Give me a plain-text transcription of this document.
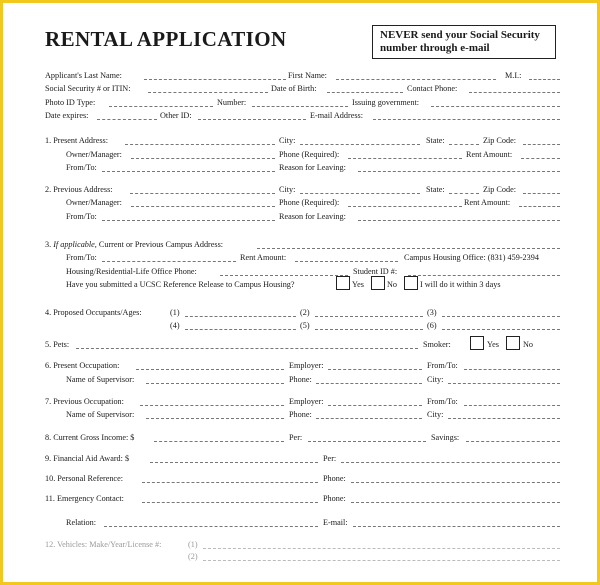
RENTAL APPLICATION	NEVER send your Social Security number through e-mail
Applicant's Last Name:	First Name:	M.I.:
Social Security # or ITIN:	Date of Birth:	Contact Phone:
Photo ID Type:	Number:	Issuing government:
Date expires:	Other ID:	E-mail Address:
1. Present Address:	City:	State:	Zip Code:
Owner/Manager:	Phone (Required):	Rent Amount:
From/To:	Reason for Leaving:
2. Previous Address:	City:	State:	Zip Code:
Owner/Manager:	Phone (Required):	Rent Amount:
From/To:	Reason for Leaving:
3. If applicable, Current or Previous Campus Address:
From/To:	Rent Amount:	Campus Housing Office: (831) 459-2394
Housing/Residential-Life Office Phone:	Student ID #:
Have you submitted a UCSC Reference Release to Campus Housing?	Yes	No	I will do it within 3 days
4. Proposed Occupants/Ages:	(1)	(2)	(3)
(4)	(5)	(6)
5. Pets:	Smoker:	Yes	No
6. Present Occupation:	Employer:	From/To:
Name of Supervisor:	Phone:	City:
7. Previous Occupation:	Employer:	From/To:
Name of Supervisor:	Phone:	City:
8. Current Gross Income: $	Per:	Savings:
9. Financial Aid Award: $	Per:
10. Personal Reference:	Phone:
11. Emergency Contact:	Phone:
Relation:	E-mail:
12. Vehicles: Make/Year/License #:	(1)
(2)
